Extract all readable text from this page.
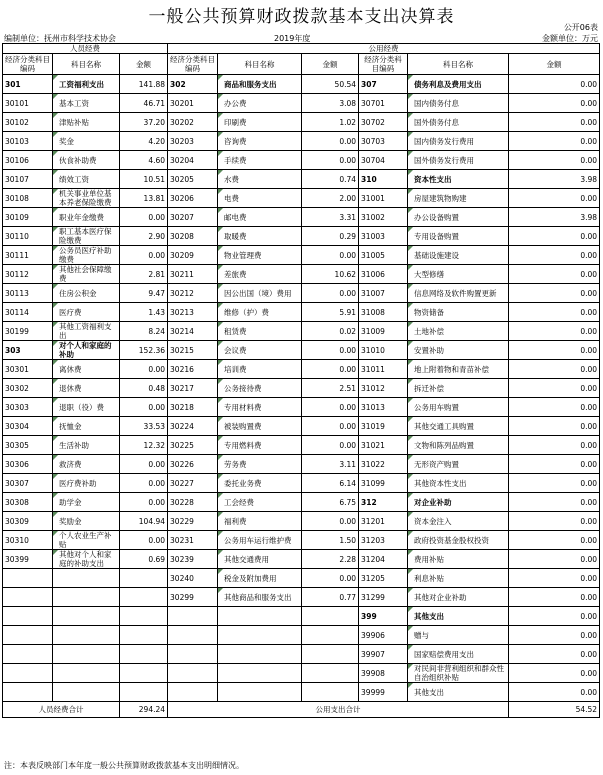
一般公共预算财政拨款基本支出决算表
公开06表
编制单位：抚州市科学技术协会	2019年度	金额单位：万元
人员经费			公用经费					
经济分类科目编码	科目名称	金额	经济分类科目编码	科目名称	金额	经济分类科目编码	科目名称	金额
301	工资福利支出	141.88	302	商品和服务支出	50.54	307	债务利息及费用支出	0.00
30101	基本工资	46.71	30201	办公费	3.08	30701	国内债务付息	0.00
30102	津贴补贴	37.20	30202	印刷费	1.02	30702	国外债务付息	0.00
30103	奖金	4.20	30203	咨询费	0.00	30703	国内债务发行费用	0.00
30106	伙食补助费	4.60	30204	手续费	0.00	30704	国外债务发行费用	0.00
30107	绩效工资	10.51	30205	水费	0.74	310	资本性支出	3.98
30108	机关事业单位基本养老保险缴费	13.81	30206	电费	2.00	31001	房屋建筑物购建	0.00
30109	职业年金缴费	0.00	30207	邮电费	3.31	31002	办公设备购置	3.98
30110	职工基本医疗保险缴费	2.90	30208	取暖费	0.29	31003	专用设备购置	0.00
30111	公务员医疗补助缴费	0.00	30209	物业管理费	0.00	31005	基础设施建设	0.00
30112	其他社会保障缴费	2.81	30211	差旅费	10.62	31006	大型修缮	0.00
30113	住房公积金	9.47	30212	因公出国（境）费用	0.00	31007	信息网络及软件购置更新	0.00
30114	医疗费	1.43	30213	维修（护）费	5.91	31008	物资储备	0.00
30199	其他工资福利支出	8.24	30214	租赁费	0.02	31009	土地补偿	0.00
303	对个人和家庭的补助	152.36	30215	会议费	0.00	31010	安置补助	0.00
30301	离休费	0.00	30216	培训费	0.00	31011	地上附着物和青苗补偿	0.00
30302	退休费	0.48	30217	公务接待费	2.51	31012	拆迁补偿	0.00
30303	退职（役）费	0.00	30218	专用材料费	0.00	31013	公务用车购置	0.00
30304	抚恤金	33.53	30224	被装购置费	0.00	31019	其他交通工具购置	0.00
30305	生活补助	12.32	30225	专用燃料费	0.00	31021	文物和陈列品购置	0.00
30306	救济费	0.00	30226	劳务费	3.11	31022	无形资产购置	0.00
30307	医疗费补助	0.00	30227	委托业务费	6.14	31099	其他资本性支出	0.00
30308	助学金	0.00	30228	工会经费	6.75	312	对企业补助	0.00
30309	奖励金	104.94	30229	福利费	0.00	31201	资本金注入	0.00
30310	个人农业生产补贴	0.00	30231	公务用车运行维护费	1.50	31203	政府投资基金股权投资	0.00
30399	其他对个人和家庭的补助支出	0.69	30239	其他交通费用	2.28	31204	费用补贴	0.00
			30240	税金及附加费用	0.00	31205	利息补贴	0.00
			30299	其他商品和服务支出	0.77	31299	其他对企业补助	0.00
						399	其他支出	0.00
						39906	赠与	0.00
						39907	国家赔偿费用支出	0.00
						39908	对民间非营利组织和群众性自治组织补贴	0.00
						39999	其他支出	0.00
人员经费合计		294.24	公用支出合计					54.52
注：本表反映部门本年度一般公共预算财政拨款基本支出明细情况。
